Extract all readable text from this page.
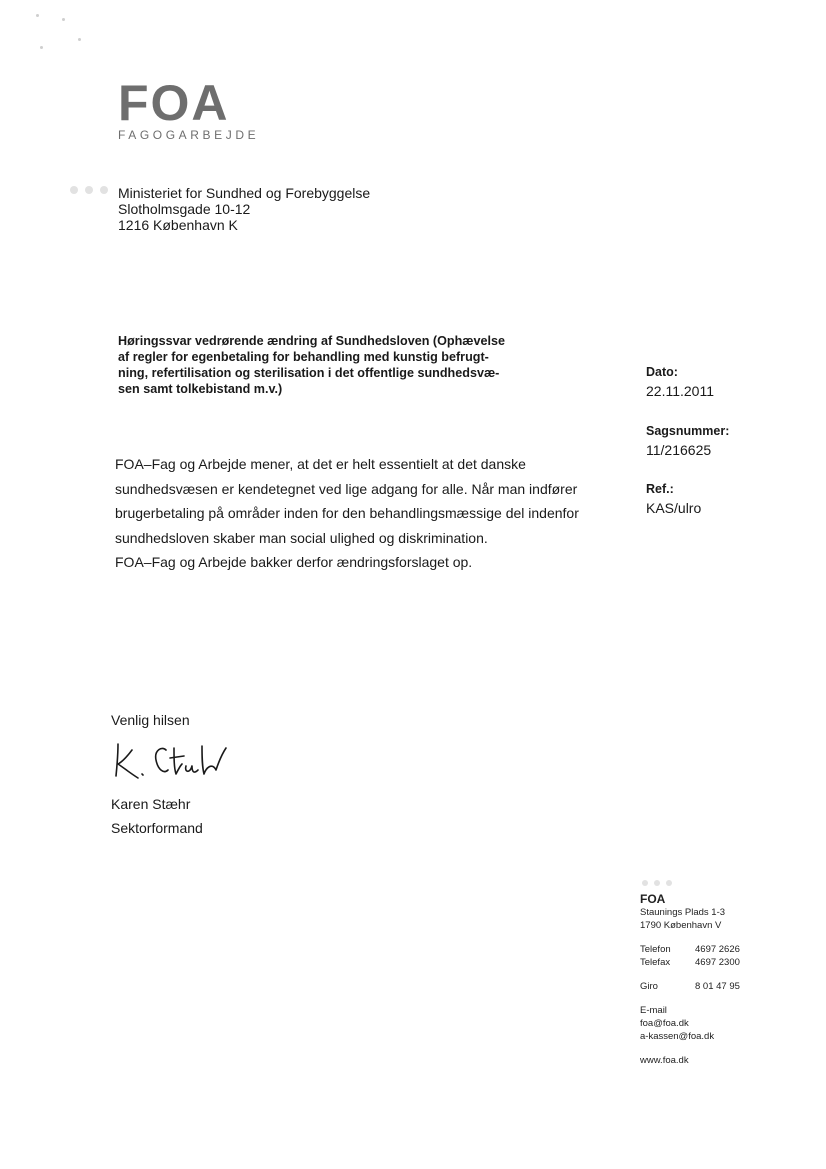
FOA
FAGOGARBEJDE
Ministeriet for Sundhed og Forebyggelse
Slotholmsgade 10-12
1216 København K
Høringssvar vedrørende ændring af Sundhedsloven (Ophævelse
af regler for egenbetaling for behandling med kunstig befrugt-
ning, refertilisation og sterilisation i det offentlige sundhedsvæ-
sen samt tolkebistand m.v.)
Dato:
22.11.2011
Sagsnummer:
11/216625
Ref.:
KAS/ulro
FOA–Fag og Arbejde mener, at det er helt essentielt at det danske
sundhedsvæsen er kendetegnet ved lige adgang for alle. Når man indfører
brugerbetaling på områder inden for den behandlingsmæssige del indenfor
sundhedsloven skaber man social ulighed og diskrimination.
FOA–Fag og Arbejde bakker derfor ændringsforslaget op.
Venlig hilsen
Karen Stæhr
Sektorformand
FOA
Staunings Plads 1-3
1790 København V
Telefon	4697 2626
Telefax	4697 2300
Giro	8 01 47 95
E-mail
foa@foa.dk
a-kassen@foa.dk
www.foa.dk
